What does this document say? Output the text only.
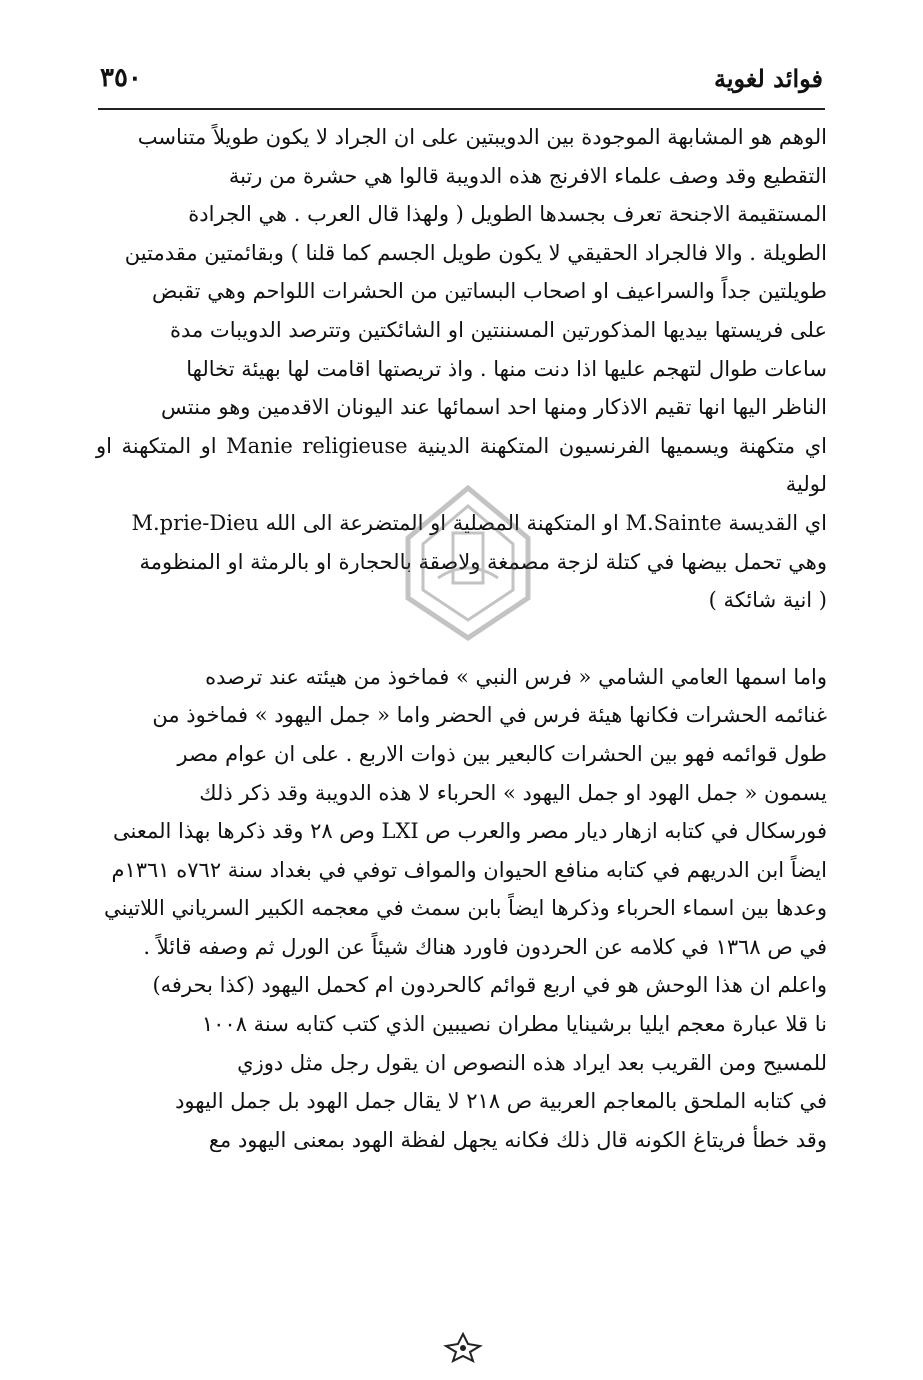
٣٥٠	فوائد لغوية
الوهم هو المشابهة الموجودة بين الدويبتين على ان الجراد لا يكون طويلاً متناسب
التقطيع وقد وصف علماء الافرنج هذه الدويبة قالوا هي حشرة من رتبة
المستقيمة الاجنحة تعرف بجسدها الطويل ( ولهذا قال العرب . هي الجرادة
الطويلة . والا فالجراد الحقيقي لا يكون طويل الجسم كما قلنا ) وبقائمتين مقدمتين
طويلتين جداً والسراعيف او اصحاب البساتين من الحشرات اللواحم وهي تقبض
على فريستها بيديها المذكورتين المسننتين او الشائكتين وتترصد الدويبات مدة
ساعات طوال لتهجم عليها اذا دنت منها . واذ تريصتها اقامت لها بهيئة تخالها
الناظر اليها انها تقيم الاذكار ومنها احد اسمائها عند اليونان الاقدمين وهو منتس
اي متكهنة ويسميها الفرنسيون المتكهنة الدينية Manie religieuse او المتكهنة او لولية
اي القديسة M.Sainte او المتكهنة المصلية او المتضرعة الى الله M.prie-Dieu
وهي تحمل بيضها في كتلة لزجة مصمغة ولاصقة بالحجارة او بالرمثة او المنظومة
( انية شائكة )
واما اسمها العامي الشامي « فرس النبي » فماخوذ من هيئته عند ترصده
غنائمه الحشرات فكانها هيئة فرس في الحضر واما « جمل اليهود » فماخوذ من
طول قوائمه فهو بين الحشرات كالبعير بين ذوات الاربع . على ان عوام مصر
يسمون « جمل الهود او جمل اليهود » الحرباء لا هذه الدويبة وقد ذكر ذلك
فورسكال في كتابه ازهار ديار مصر والعرب ص LXI وص ٢٨ وقد ذكرها بهذا المعنى
ايضاً ابن الدريهم في كتابه منافع الحيوان والمواف توفي في بغداد سنة ٧٦٢ه ١٣٦١م
وعدها بين اسماء الحرباء وذكرها ايضاً بابن سمث في معجمه الكبير السرياني اللاتيني
في ص ١٣٦٨ في كلامه عن الحردون فاورد هناك شيئاً عن الورل ثم وصفه قائلاً .
واعلم ان هذا الوحش هو في اربع قوائم كالحردون ام كحمل اليهود (كذا بحرفه)
نا قلا عبارة معجم ايليا برشينايا مطران نصيبين الذي كتب كتابه سنة ١٠٠٨
للمسيح ومن القريب بعد ايراد هذه النصوص ان يقول رجل مثل دوزي
في كتابه الملحق بالمعاجم العربية ص ٢١٨ لا يقال جمل الهود بل جمل اليهود
وقد خطأ فريتاغ الكونه قال ذلك فكانه يجهل لفظة الهود بمعنى اليهود مع
